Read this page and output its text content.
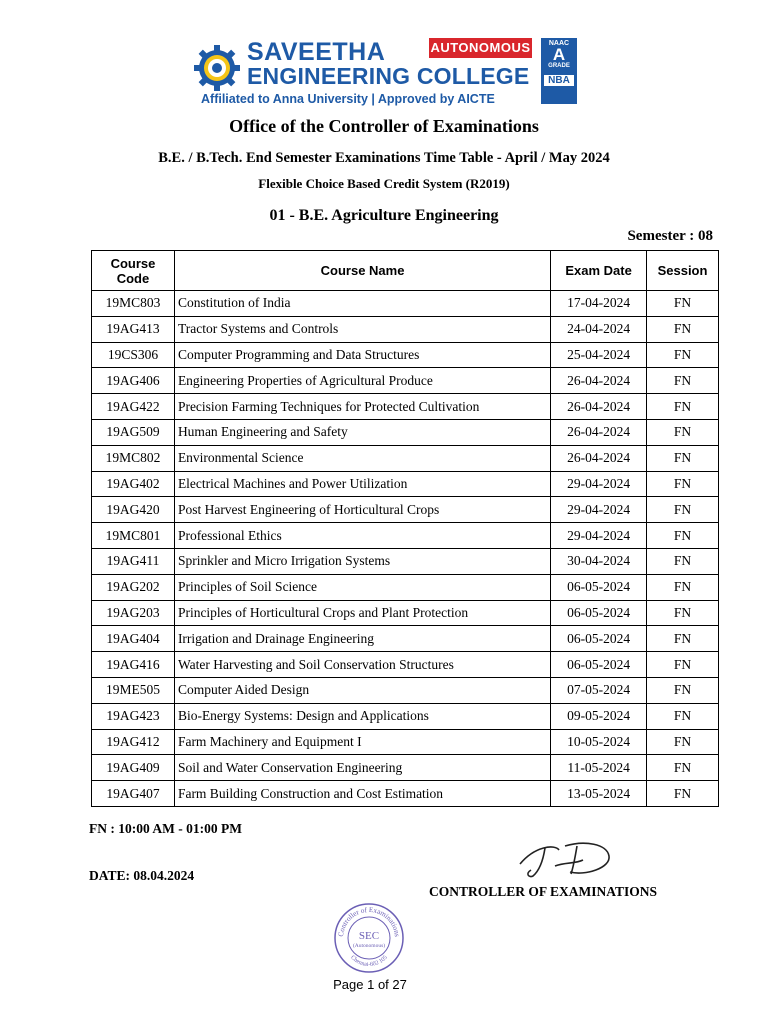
SAVEETHA	AUTONOMOUS
ENGINEERING COLLEGE
Affiliated to Anna University | Approved by AICTE
NAAC
A
GRADE
NBA
Office of the Controller of Examinations
B.E. / B.Tech. End Semester Examinations Time Table - April / May 2024
Flexible Choice Based Credit System (R2019)
01 - B.E. Agriculture Engineering
Semester : 08
Course
Code	Course Name	Exam Date	Session
19MC803	Constitution of India	17-04-2024	FN
19AG413	Tractor Systems and Controls	24-04-2024	FN
19CS306	Computer Programming and Data Structures	25-04-2024	FN
19AG406	Engineering Properties of Agricultural Produce	26-04-2024	FN
19AG422	Precision Farming Techniques for Protected Cultivation	26-04-2024	FN
19AG509	Human Engineering and Safety	26-04-2024	FN
19MC802	Environmental Science	26-04-2024	FN
19AG402	Electrical Machines and Power Utilization	29-04-2024	FN
19AG420	Post Harvest Engineering of Horticultural Crops	29-04-2024	FN
19MC801	Professional Ethics	29-04-2024	FN
19AG411	Sprinkler and Micro Irrigation Systems	30-04-2024	FN
19AG202	Principles of Soil Science	06-05-2024	FN
19AG203	Principles of Horticultural Crops and Plant Protection	06-05-2024	FN
19AG404	Irrigation and Drainage Engineering	06-05-2024	FN
19AG416	Water Harvesting and Soil Conservation Structures	06-05-2024	FN
19ME505	Computer Aided Design	07-05-2024	FN
19AG423	Bio-Energy Systems: Design and Applications	09-05-2024	FN
19AG412	Farm Machinery and Equipment I	10-05-2024	FN
19AG409	Soil and Water Conservation Engineering	11-05-2024	FN
19AG407	Farm Building Construction and Cost Estimation	13-05-2024	FN
FN : 10:00 AM - 01:00 PM
DATE: 08.04.2024
CONTROLLER OF EXAMINATIONS
Controller of Examinations
Chennai-602 105
SEC
(Autonomous)
Page 1 of 27
